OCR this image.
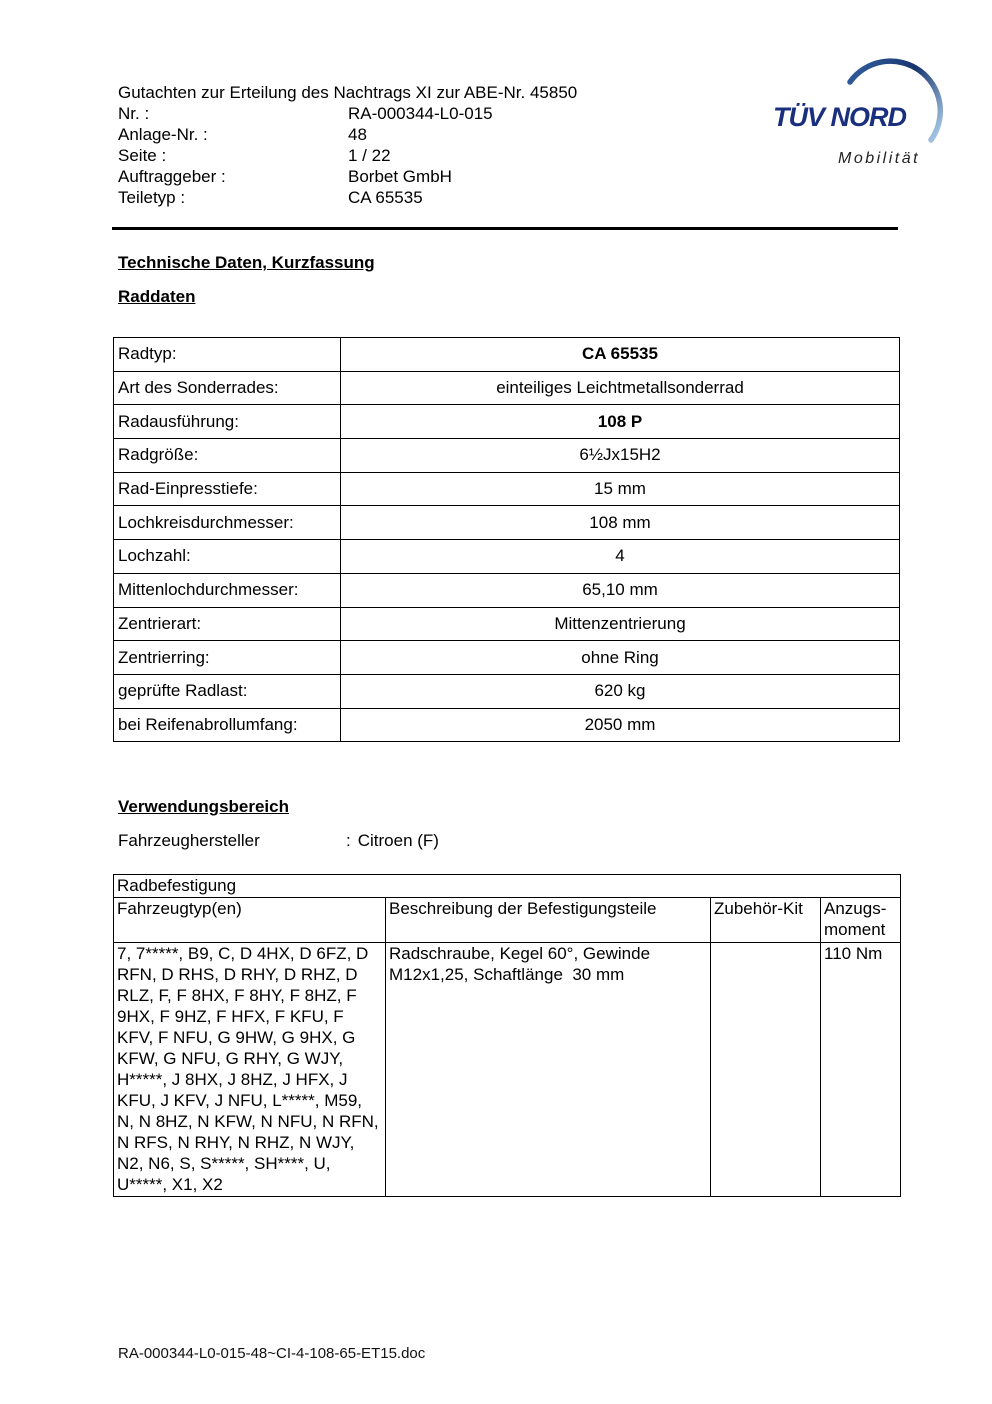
Gutachten zur Erteilung des Nachtrags XI zur ABE-Nr. 45850
Nr. :	RA-000344-L0-015
Anlage-Nr. :	48
Seite :	1 / 22
Auftraggeber :	Borbet GmbH
Teiletyp :	CA 65535
TÜV NORD
Mobilität
Technische Daten, Kurzfassung
Raddaten
Radtyp:	CA 65535
Art des Sonderrades:	einteiliges Leichtmetallsonderrad
Radausführung:	108 P
Radgröße:	6½Jx15H2
Rad-Einpresstiefe:	15 mm
Lochkreisdurchmesser:	108 mm
Lochzahl:	4
Mittenlochdurchmesser:	65,10 mm
Zentrierart:	Mittenzentrierung
Zentrierring:	ohne Ring
geprüfte Radlast:	620 kg
bei Reifenabrollumfang:	2050 mm
Verwendungsbereich
Fahrzeughersteller	: Citroen (F)
Radbefestigung			
Fahrzeugtyp(en)	Beschreibung der Befestigungsteile	Zubehör-Kit	Anzugs-moment
7, 7*****, B9, C, D 4HX, D 6FZ, D RFN, D RHS, D RHY, D RHZ, D RLZ, F, F 8HX, F 8HY, F 8HZ, F 9HX, F 9HZ, F HFX, F KFU, F KFV, F NFU, G 9HW, G 9HX, G KFW, G NFU, G RHY, G WJY, H*****, J 8HX, J 8HZ, J HFX, J KFU, J KFV, J NFU, L*****, M59, N, N 8HZ, N KFW, N NFU, N RFN, N RFS, N RHY, N RHZ, N WJY, N2, N6, S, S*****, SH****, U, U*****, X1, X2	Radschraube, Kegel 60°, Gewinde M12x1,25, Schaftlänge  30 mm		110 Nm
RA-000344-L0-015-48~CI-4-108-65-ET15.doc
